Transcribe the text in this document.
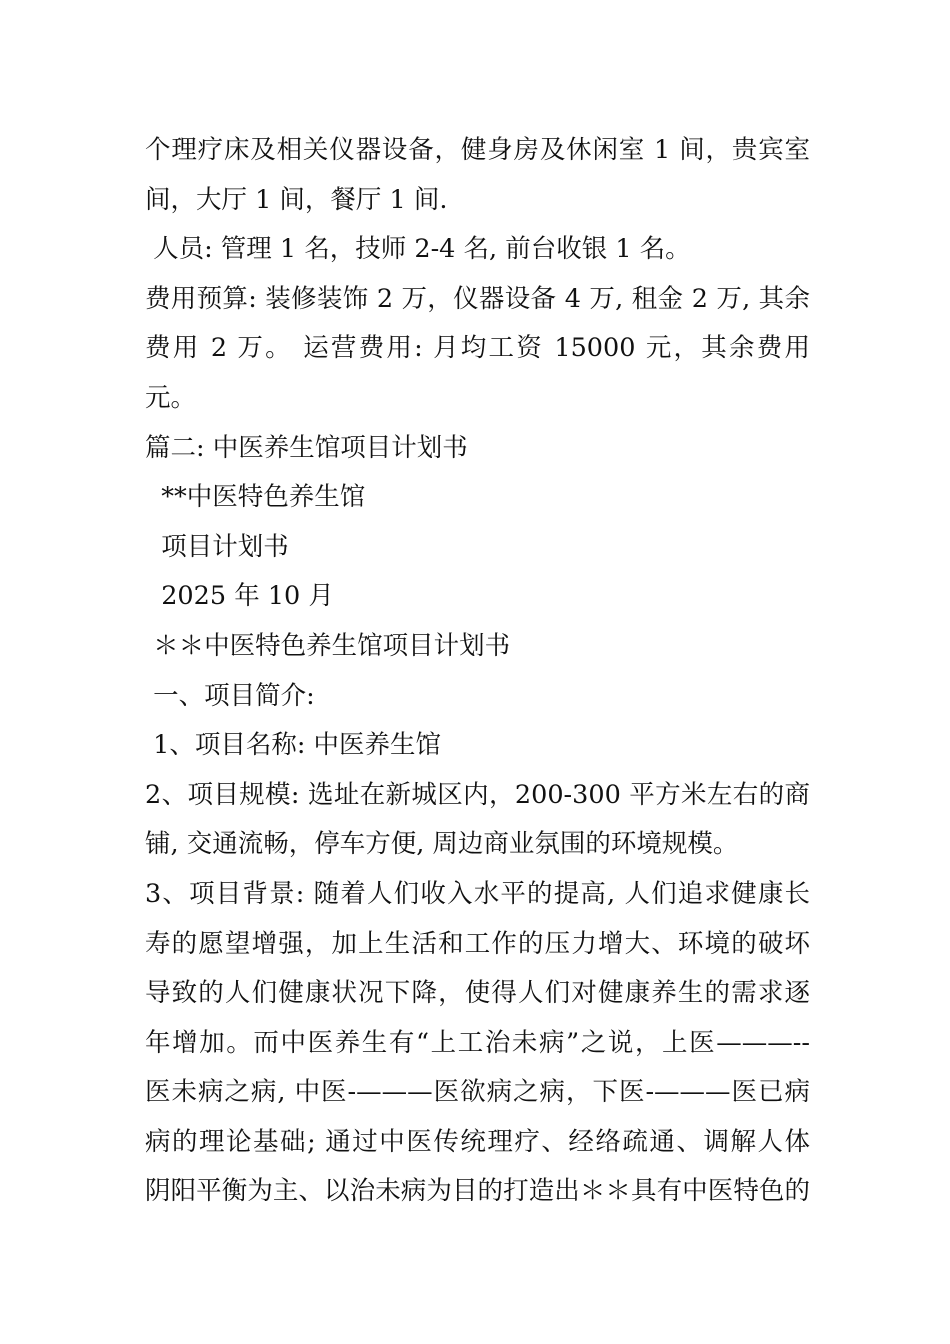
个理疗床及相关仪器设备，健身房及休闲室 1 间，贵宾室
间，大厅 1 间，餐厅 1 间.
人员: 管理 1 名，技师 2-4 名, 前台收银 1 名。
费用预算: 装修装饰 2 万，仪器设备 4 万, 租金 2 万, 其余
费用 2 万。 运营费用: 月均工资 15000 元，其余费用
元。
篇二: 中医养生馆项目计划书
**中医特色养生馆
项目计划书
2025 年 10 月
＊＊中医特色养生馆项目计划书
一、项目简介:
1、项目名称: 中医养生馆
2、项目规模: 选址在新城区内，200-300 平方米左右的商
铺, 交通流畅，停车方便, 周边商业氛围的环境规模。
3、项目背景: 随着人们收入水平的提高, 人们追求健康长
寿的愿望增强，加上生活和工作的压力增大、环境的破坏
导致的人们健康状况下降，使得人们对健康养生的需求逐
年增加。而中医养生有“上工治未病”之说，上医———--
医未病之病, 中医-———医欲病之病，下医-———医已病
病的理论基础; 通过中医传统理疗、经络疏通、调解人体
阴阳平衡为主、以治未病为目的打造出＊＊具有中医特色的
